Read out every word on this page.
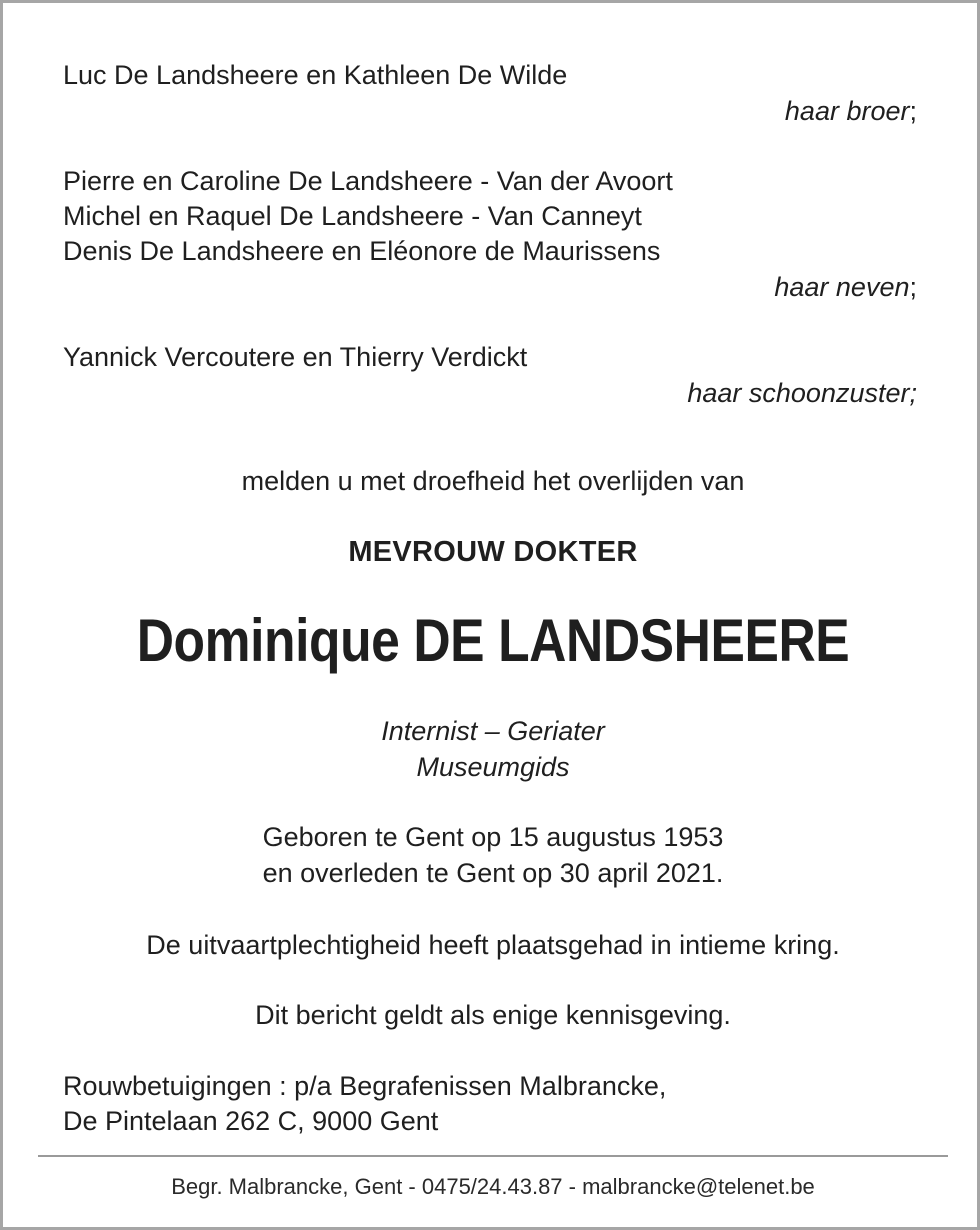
Luc De Landsheere en Kathleen De Wilde

haar broer;

Pierre en Caroline De Landsheere - Van der Avoort

Michel en Raquel De Landsheere - Van Canneyt

Denis De Landsheere en Eléonore de Maurissens

haar neven;

Yannick Vercoutere en Thierry Verdickt

haar schoonzuster;

melden u met droefheid het overlijden van

MEVROUW DOKTER

Dominique DE LANDSHEERE

Internist – Geriater

Museumgids

Geboren te Gent op 15 augustus 1953

en overleden te Gent op 30 april 2021.

De uitvaartplechtigheid heeft plaatsgehad in intieme kring.

Dit bericht geldt als enige kennisgeving.

Rouwbetuigingen : p/a Begrafenissen Malbrancke,

De Pintelaan 262 C, 9000 Gent

Begr. Malbrancke, Gent - 0475/24.43.87 - malbrancke@telenet.be
